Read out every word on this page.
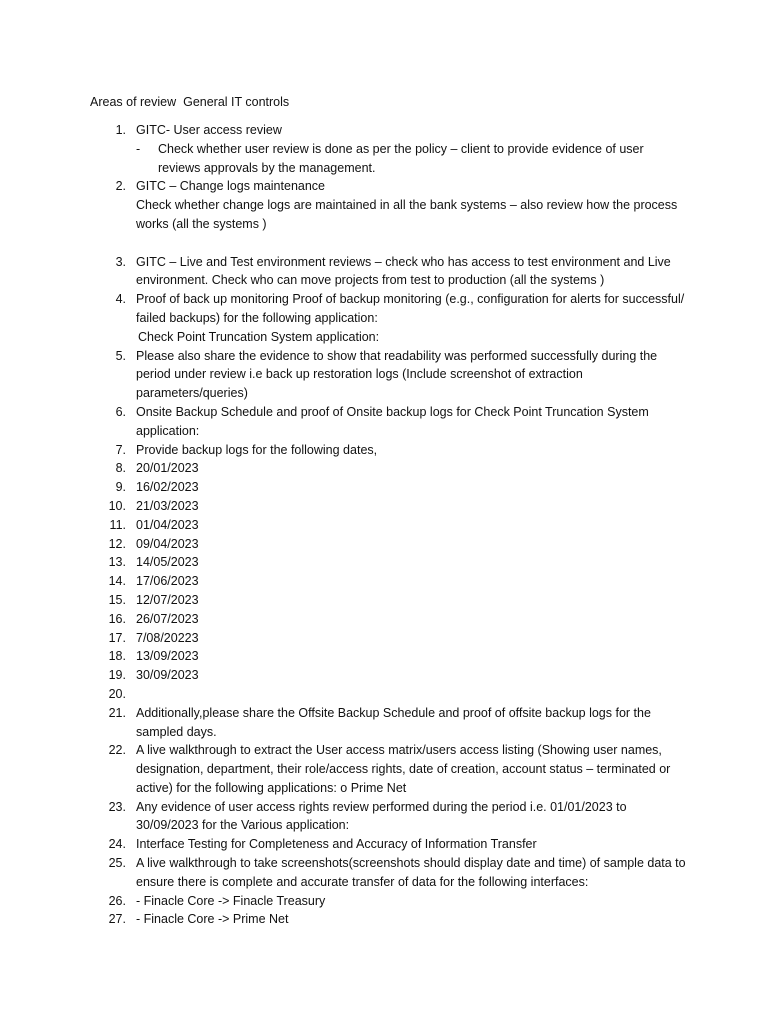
Areas of review  General IT controls
1. GITC- User access review
- Check whether user review is done as per the policy – client to provide evidence of user reviews approvals by the management.
2. GITC – Change logs maintenance
Check whether change logs are maintained in all the bank systems – also review how the process works (all the systems )
3. GITC – Live and Test environment reviews – check who has access to test environment and Live environment. Check who can move projects from test to production (all the systems )
4. Proof of back up monitoring Proof of backup monitoring (e.g., configuration for alerts for successful/ failed backups) for the following application:
Check Point Truncation System application:
5. Please also share the evidence to show that readability was performed successfully during the period under review i.e back up restoration logs (Include screenshot of extraction parameters/queries)
6. Onsite Backup Schedule and proof of Onsite backup logs for Check Point Truncation System application:
7. Provide backup logs for the following dates,
8. 20/01/2023
9. 16/02/2023
10. 21/03/2023
11. 01/04/2023
12. 09/04/2023
13. 14/05/2023
14. 17/06/2023
15. 12/07/2023
16. 26/07/2023
17. 7/08/20223
18. 13/09/2023
19. 30/09/2023
20.
21. Additionally,please share the Offsite Backup Schedule and proof of offsite backup logs for the sampled days.
22. A live walkthrough to extract the User access matrix/users access listing (Showing user names, designation, department, their role/access rights, date of creation, account status – terminated or active) for the following applications: o Prime Net
23. Any evidence of user access rights review performed during the period i.e. 01/01/2023 to 30/09/2023 for the Various application:
24. Interface Testing for Completeness and Accuracy of Information Transfer
25. A live walkthrough to take screenshots(screenshots should display date and time) of sample data to ensure there is complete and accurate transfer of data for the following interfaces:
26. - Finacle Core -> Finacle Treasury
27. - Finacle Core -> Prime Net
